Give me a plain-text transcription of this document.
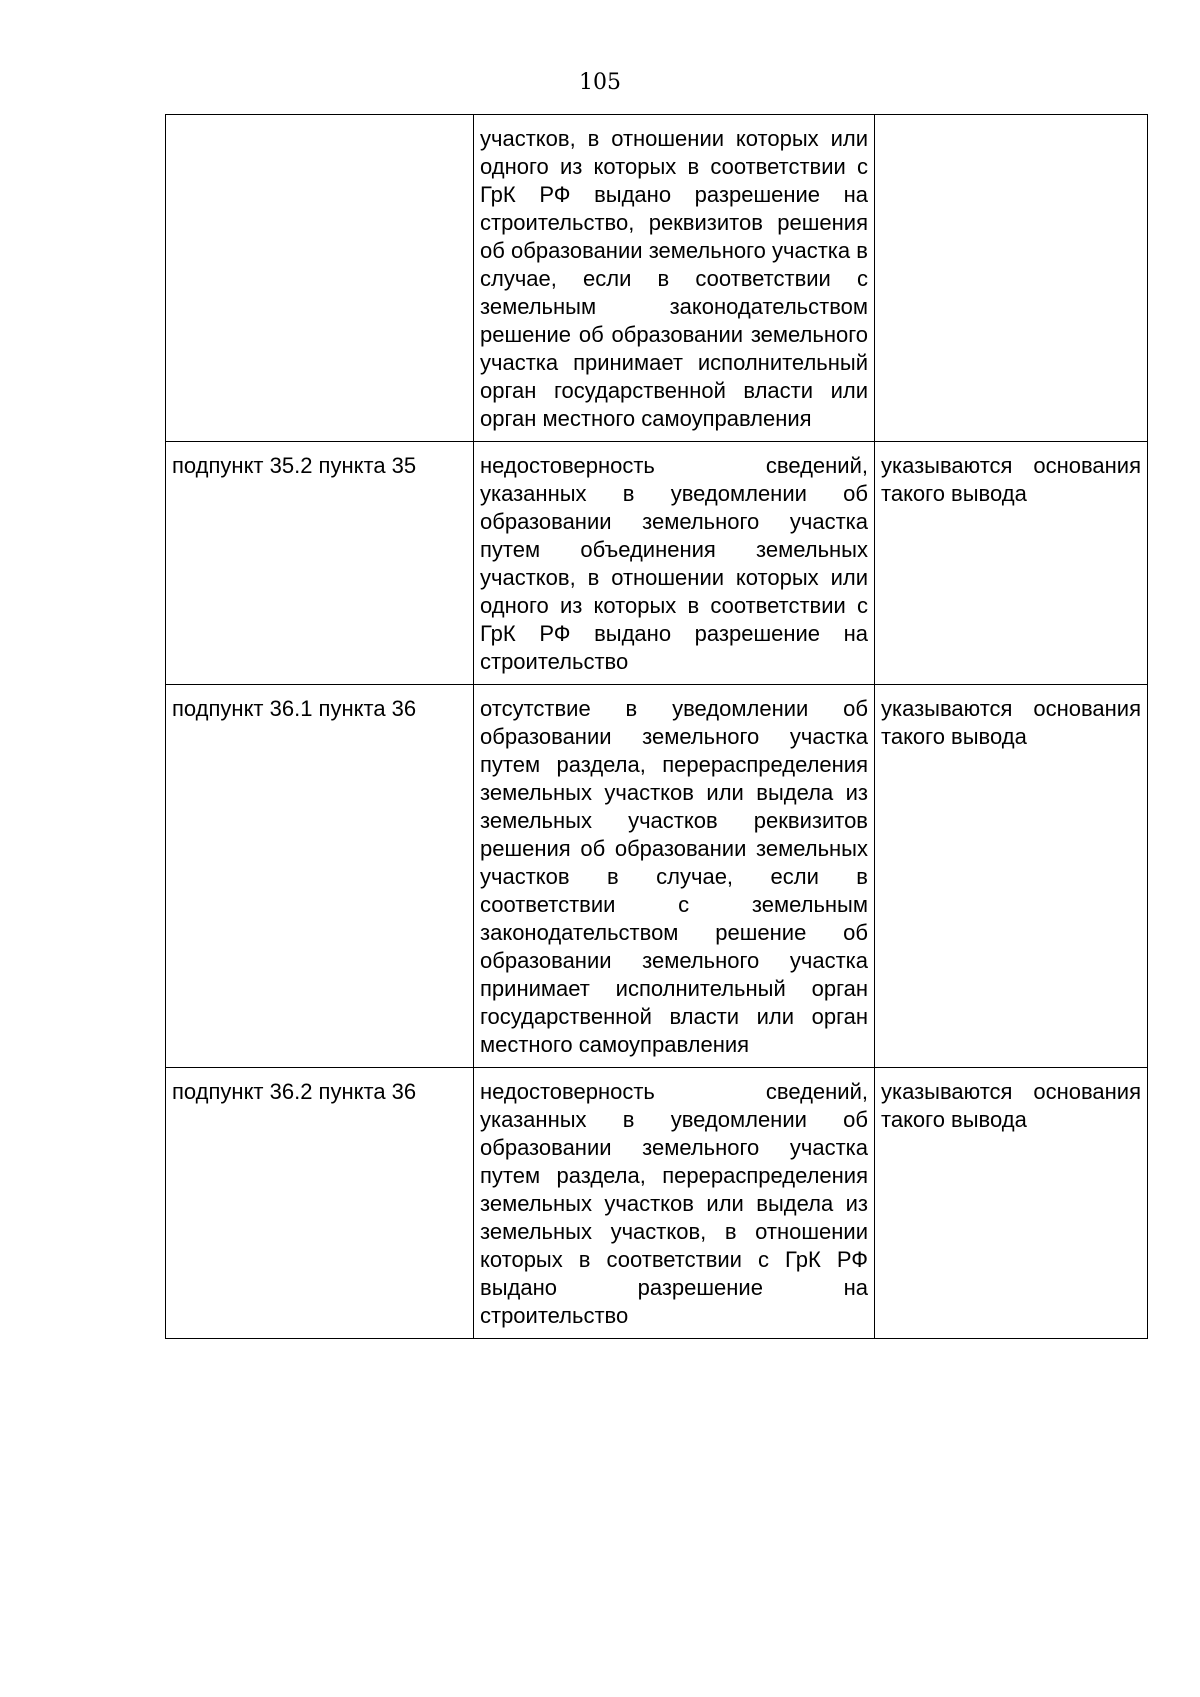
105
	участков, в отношении которых или одного из которых в соответствии с ГрК РФ выдано разрешение на строительство, реквизитов решения об образовании земельного участка в случае, если в соответствии с земельным законодательством решение об образовании земельного участка принимает исполнительный орган государственной власти или орган местного самоуправления	
подпункт 35.2 пункта 35	недостоверность сведений, указанных в уведомлении об образовании земельного участка путем объединения земельных участков, в отношении которых или одного из которых в соответствии с ГрК РФ выдано разрешение на строительство	указываются основания такого вывода
подпункт 36.1 пункта 36	отсутствие в уведомлении об образовании земельного участка путем раздела, перераспределения земельных участков или выдела из земельных участков реквизитов решения об образовании земельных участков в случае, если в соответствии с земельным законодательством решение об образовании земельного участка принимает исполнительный орган государственной власти или орган местного самоуправления	указываются основания такого вывода
подпункт 36.2 пункта 36	недостоверность сведений, указанных в уведомлении об образовании земельного участка путем раздела, перераспределения земельных участков или выдела из земельных участков, в отношении которых в соответствии с ГрК РФ выдано разрешение на строительство	указываются основания такого вывода
